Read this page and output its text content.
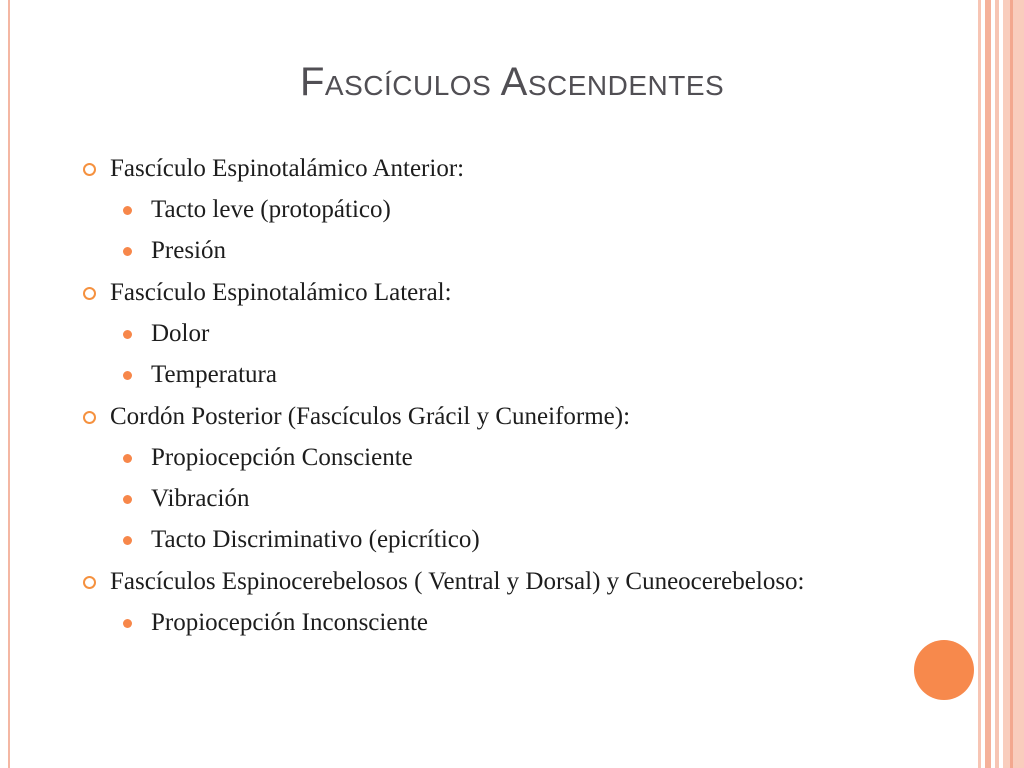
Fascículos Ascendentes
Fascículo Espinotalámico Anterior:
Tacto leve (protopático)
Presión
Fascículo Espinotalámico Lateral:
Dolor
Temperatura
Cordón Posterior (Fascículos Grácil y Cuneiforme):
Propiocepción Consciente
Vibración
Tacto Discriminativo (epicrítico)
Fascículos Espinocerebelosos ( Ventral y Dorsal) y Cuneocerebeloso:
Propiocepción Inconsciente
